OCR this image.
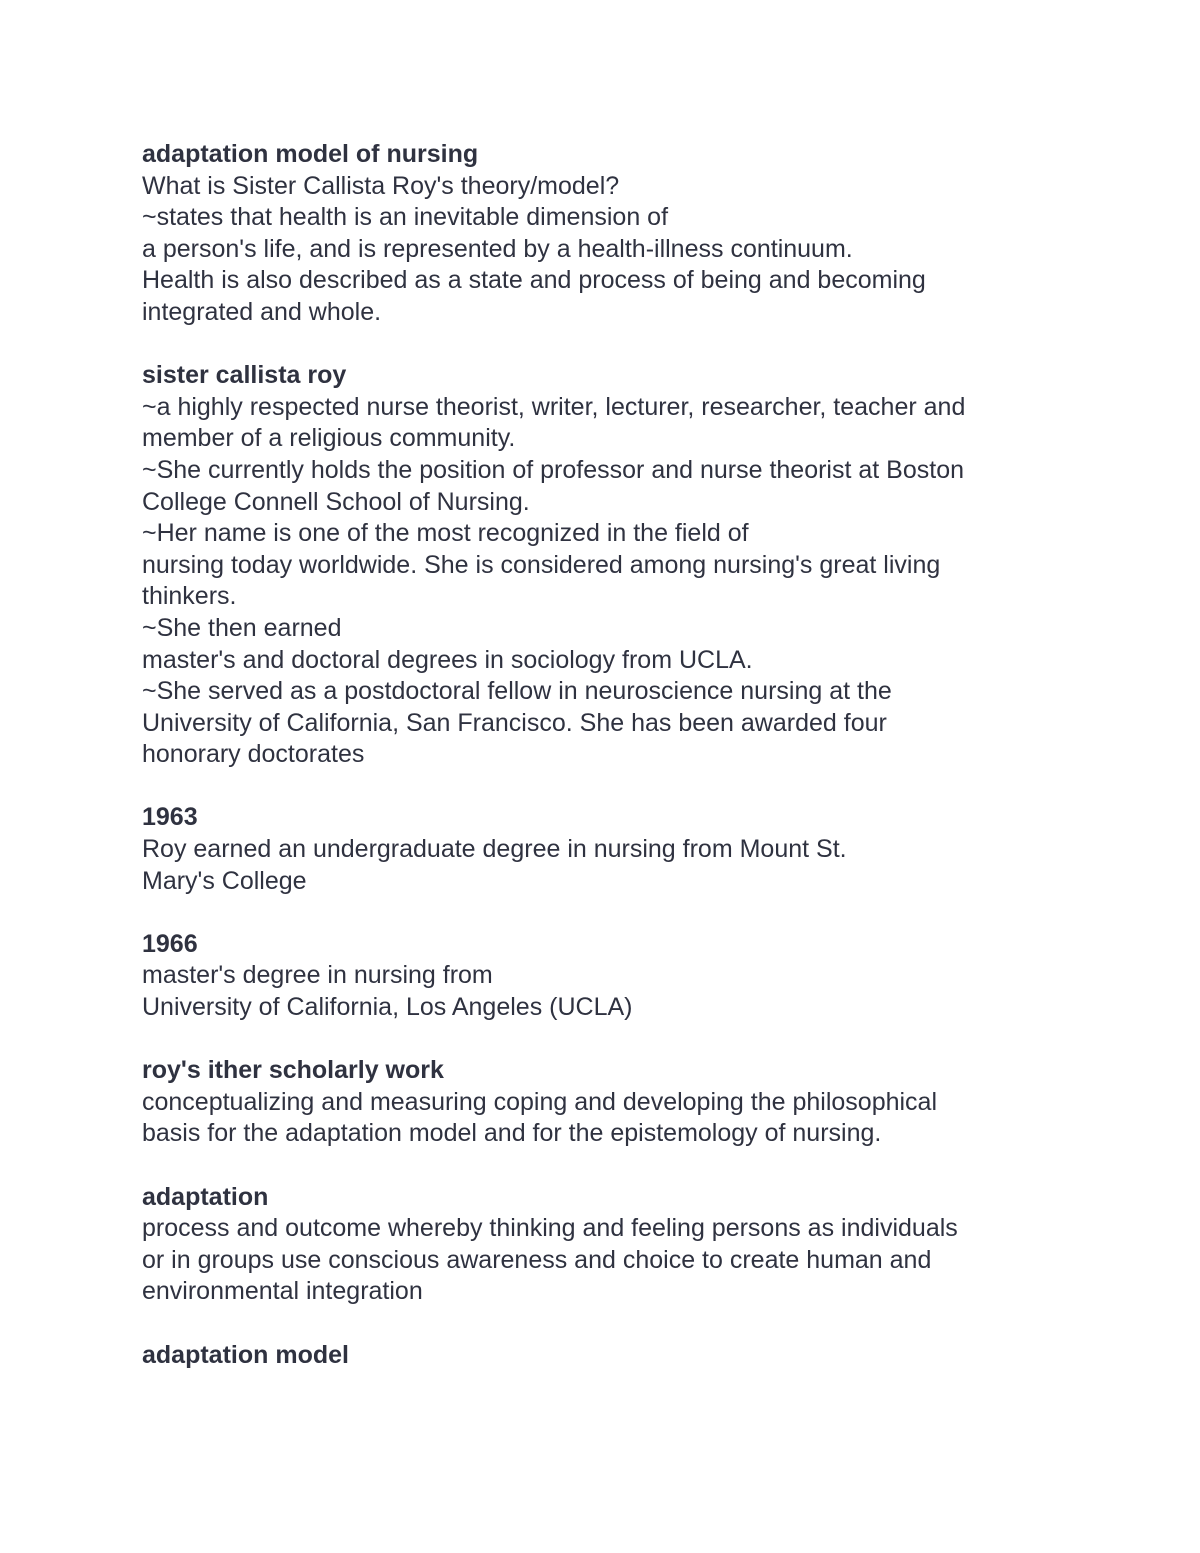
adaptation model of nursing
What is Sister Callista Roy's theory/model?
~states that health is an inevitable dimension of
a person's life, and is represented by a health-illness continuum.
Health is also described as a state and process of being and becoming
integrated and whole.
sister callista roy
~a highly respected nurse theorist, writer, lecturer, researcher, teacher and
member of a religious community.
~She currently holds the position of professor and nurse theorist at Boston
College Connell School of Nursing.
~Her name is one of the most recognized in the field of
nursing today worldwide. She is considered among nursing's great living
thinkers.
~She then earned
master's and doctoral degrees in sociology from UCLA.
~She served as a postdoctoral fellow in neuroscience nursing at the
University of California, San Francisco. She has been awarded four
honorary doctorates
1963
Roy earned an undergraduate degree in nursing from Mount St.
Mary's College
1966
master's degree in nursing from
University of California, Los Angeles (UCLA)
roy's ither scholarly work
conceptualizing and measuring coping and developing the philosophical
basis for the adaptation model and for the epistemology of nursing.
adaptation
process and outcome whereby thinking and feeling persons as individuals
or in groups use conscious awareness and choice to create human and
environmental integration
adaptation model
